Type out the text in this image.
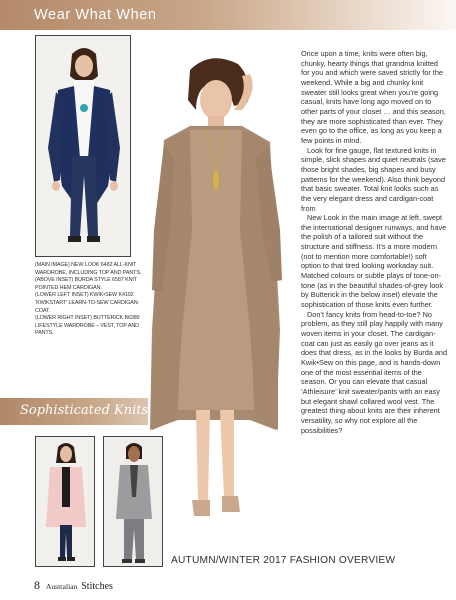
Wear What When
(MAIN IMAGE) NEW LOOK 6482 ALL-KNIT WARDROBE, INCLUDING TOP AND PANTS.
(ABOVE INSET) BURDA STYLE 6587 KNIT POINTED HEM CARDIGAN.
(LOWER LEFT INSET) KWIK•SEW K4192 ‘KWIKSTART’ LEARN-TO-SEW CARDIGAN-COAT.
(LOWER RIGHT INSET) BUTTERICK B6389 LIFESTYLE WARDROBE – VEST, TOP AND PANTS.
Sophisticated Knits

Once upon a time, knits were often big, chunky, hearty things that grandma knitted for you and which were saved strictly for the weekend. While a big and chunky knit sweater still looks great when you’re going casual, knits have long ago moved on to other parts of your closet … and this season, they are more sophisticated than ever. They even go to the office, as long as you keep a few points in mind.

Look for fine gauge, flat textured knits in simple, slick shapes and quiet neutrals (save those bright shades, big shapes and busy patterns for the weekend). Also think beyond that basic sweater. Total knit looks such as the very elegant dress and cardigan-coat from

New Look in the main image at left, swept the international designer runways, and have the polish of a tailored suit without the structure and stiffness. It’s a more modern (not to mention more comfortable!) soft option to that tired looking workaday suit. Matched colours or subtle plays of tone-on-tone (as in the beautiful shades-of-grey look by Butterick in the below inset) elevate the sophistication of those knits even further.

Don’t fancy knits from head-to-toe? No problem, as they still play happily with many woven items in your closet. The cardigan-coat can just as easily go over jeans as it does that dress, as in the looks by Burda and Kwik•Sew on this page, and is hands-down one of the most essential items of the season. Or you can elevate that casual ‘Athleisure’ knit sweater/pants with an easy but elegant shawl collared wool vest. The greatest thing about knits are their inherent versatility, so why not explore all the possibilities?

AUTUMN/WINTER 2017 FASHION OVERVIEW
8 Australian Stitches
